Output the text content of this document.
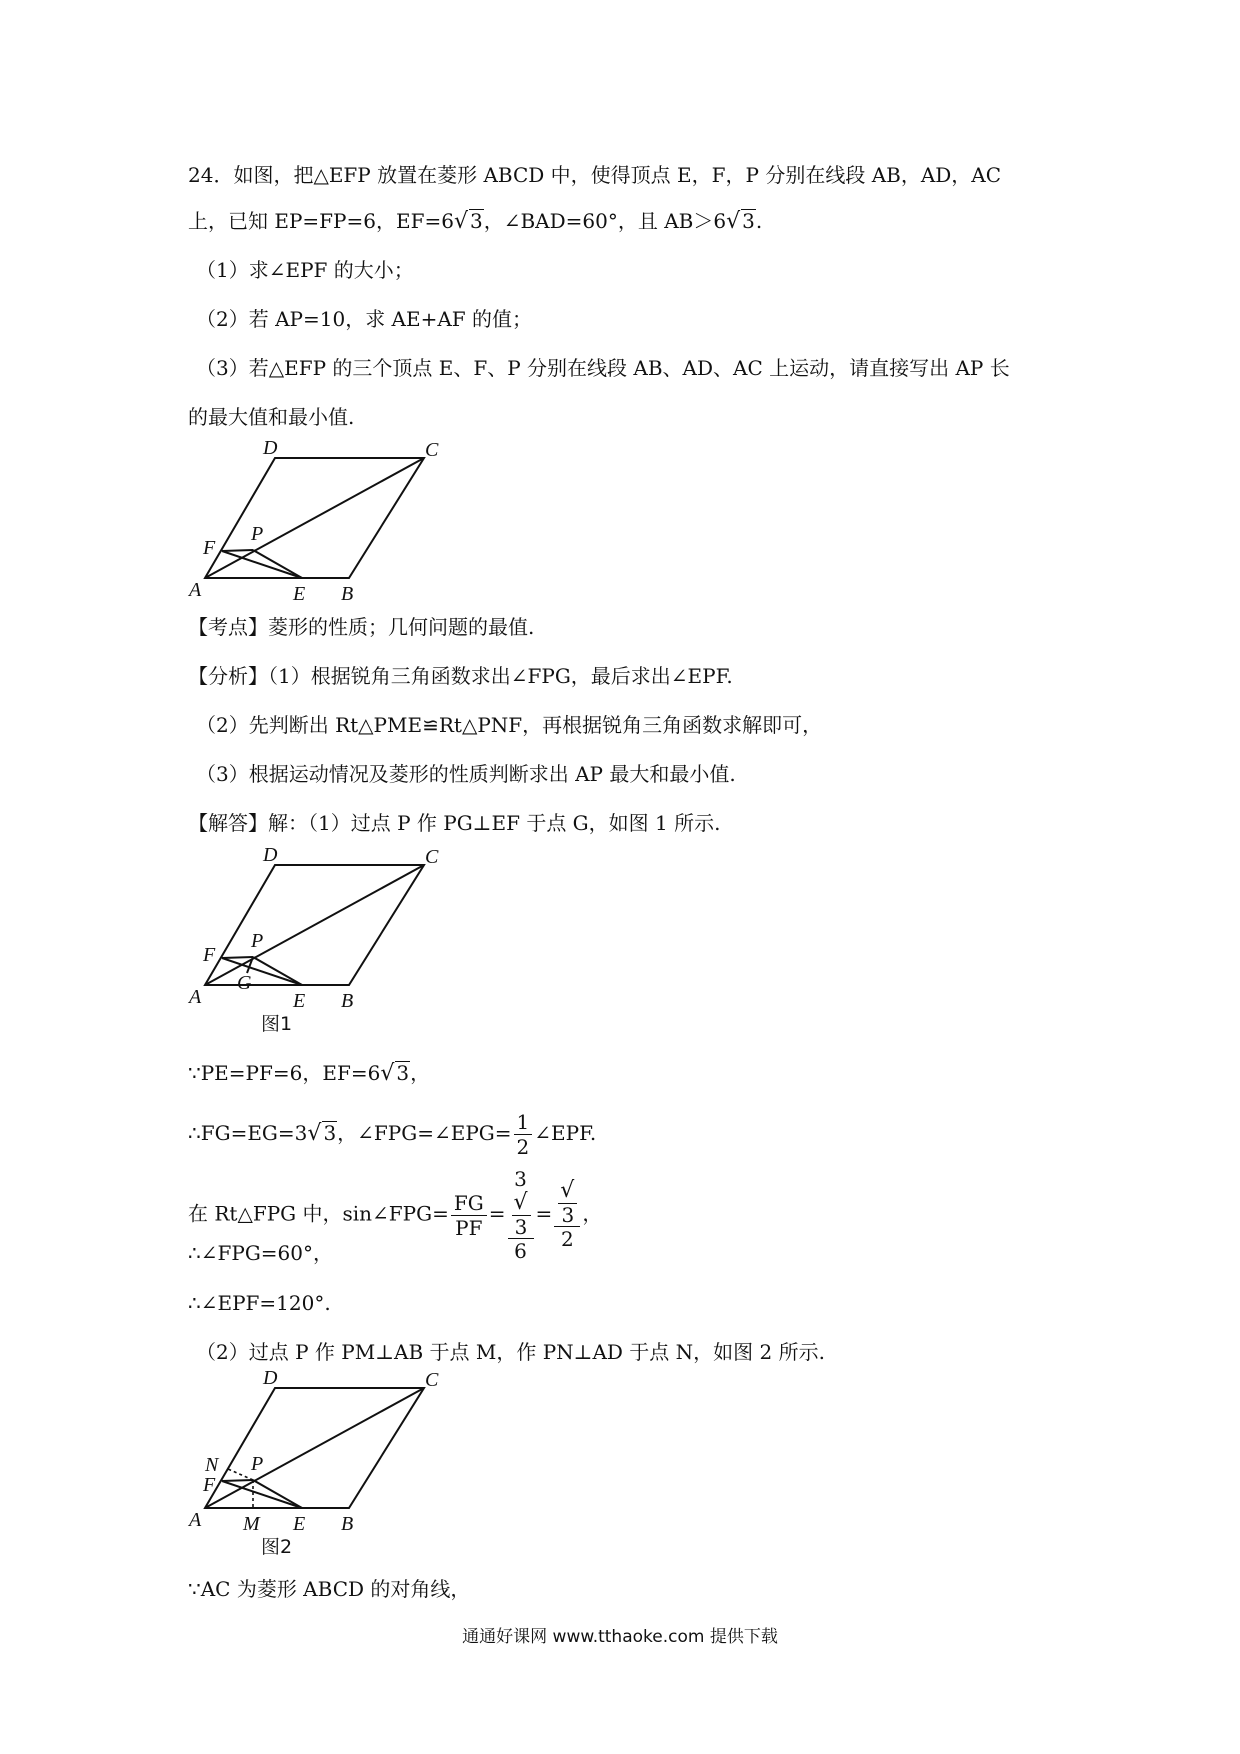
24．如图，把△EFP 放置在菱形 ABCD 中，使得顶点 E，F，P 分别在线段 AB，AD，AC
上，已知 EP=FP=6，EF=6√ 3，∠BAD=60°，且 AB＞6√ 3.
（1）求∠EPF 的大小；
（2）若 AP=10，求 AE+AF 的值；
（3）若△EFP 的三个顶点 E、F、P 分别在线段 AB、AD、AC 上运动，请直接写出 AP 长
的最大值和最小值.
A	B
C
D
E
F
P
【考点】菱形的性质；几何问题的最值.
【分析】（1）根据锐角三角函数求出∠FPG，最后求出∠EPF.
（2）先判断出 Rt△PME≌Rt△PNF，再根据锐角三角函数求解即可，
（3）根据运动情况及菱形的性质判断求出 AP 最大和最小值.
【解答】解：（1）过点 P 作 PG⊥EF 于点 G，如图 1 所示.
A	B
C
D
E
F
P
G
图1
∵PE=PF=6，EF=6√ 3，
∴FG=EG=3√ 3，∠FPG=∠EPG= $\frac{1}{2}$ ∠EPF.
在 Rt△FPG 中，sin∠FPG= $\frac{FG}{PF} = 3$
√
3
6 = √
3
2 ，
∴∠FPG=60°，
∴∠EPF=120°.
（2）过点 P 作 PM⊥AB 于点 M，作 PN⊥AD 于点 N，如图 2 所示.
A	B
C
D
E
F
P
M
N
图2
∵AC 为菱形 ABCD 的对角线，
通通好课网 www.tthaoke.com 提供下载
